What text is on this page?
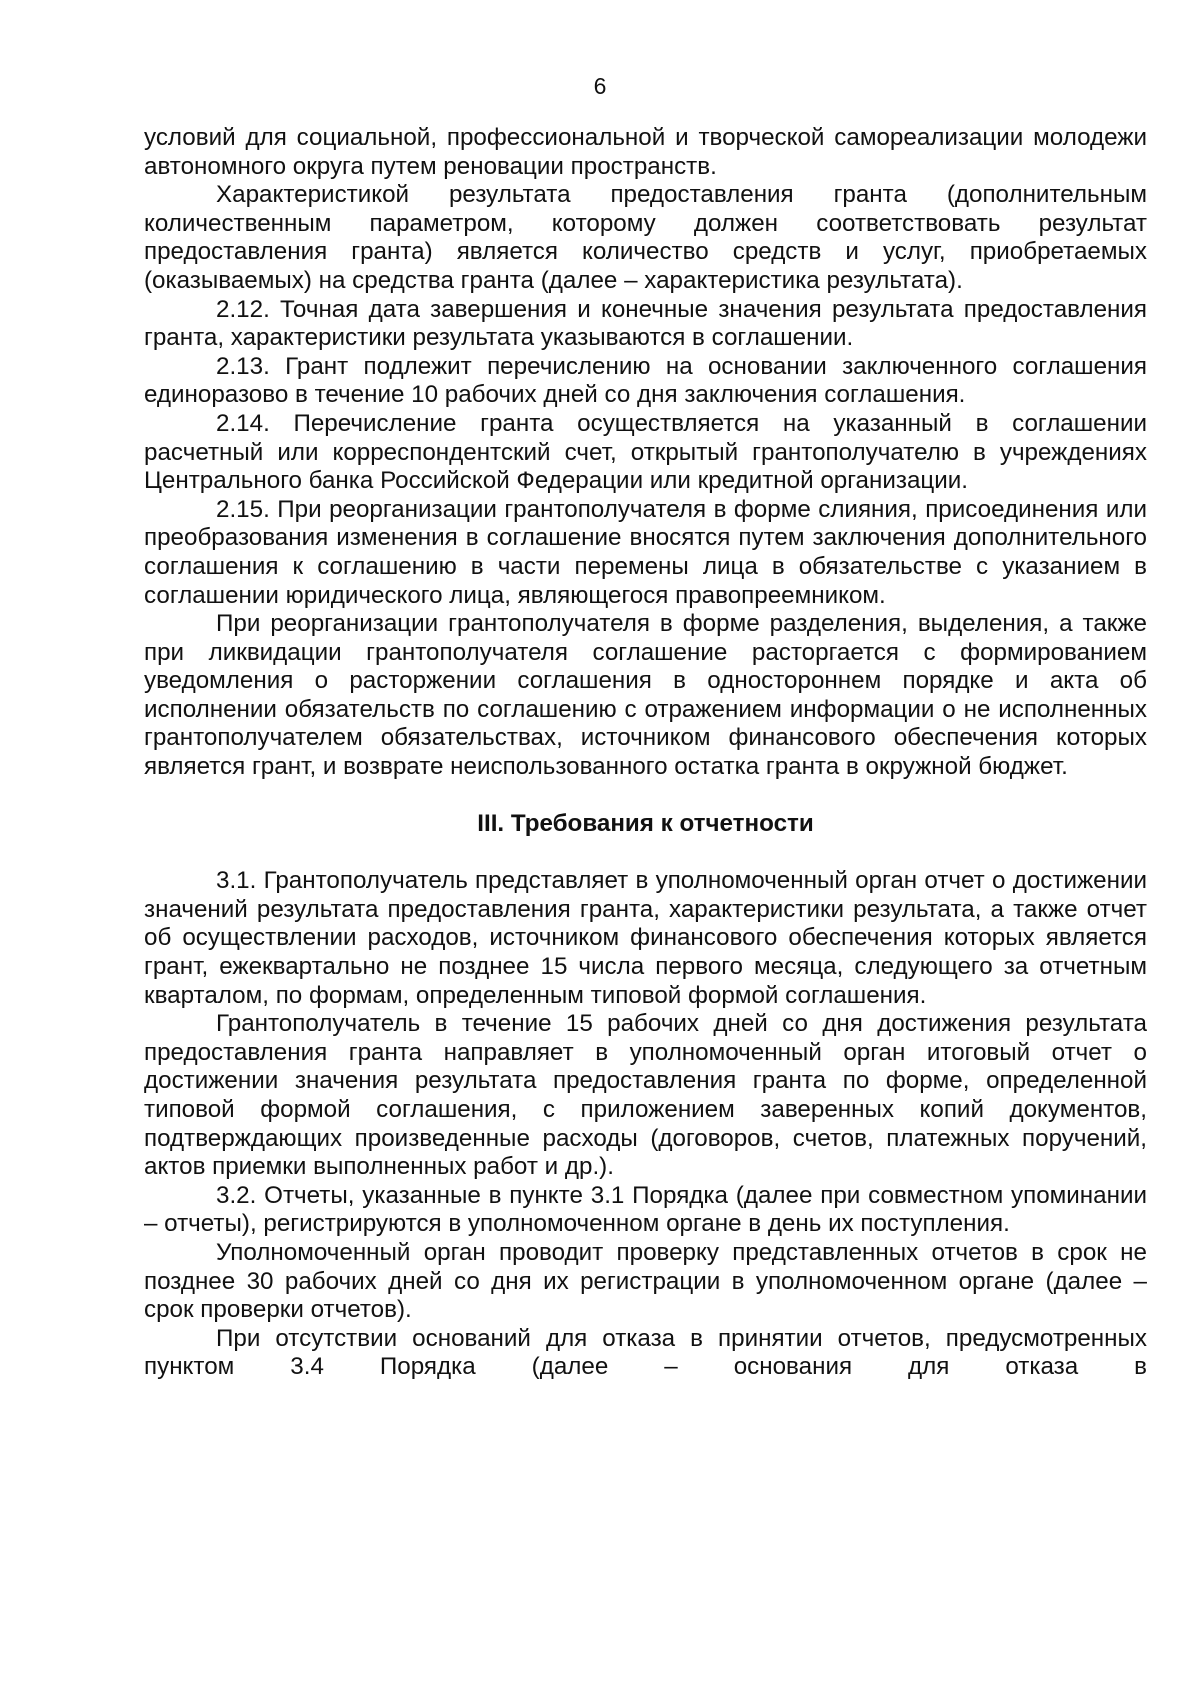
6

условий для социальной, профессиональной и творческой самореализации молодежи автономного округа путем реновации пространств.

Характеристикой результата предоставления гранта (дополнительным количественным параметром, которому должен соответствовать результат предоставления гранта) является количество средств и услуг, приобретаемых (оказываемых) на средства гранта (далее – характеристика результата).

2.12. Точная дата завершения и конечные значения результата предоставления гранта, характеристики результата указываются в соглашении.

2.13. Грант подлежит перечислению на основании заключенного соглашения единоразово в течение 10 рабочих дней со дня заключения соглашения.

2.14. Перечисление гранта осуществляется на указанный в соглашении расчетный или корреспондентский счет, открытый грантополучателю в учреждениях Центрального банка Российской Федерации или кредитной организации.

2.15. При реорганизации грантополучателя в форме слияния, присоединения или преобразования изменения в соглашение вносятся путем заключения дополнительного соглашения к соглашению в части перемены лица в обязательстве с указанием в соглашении юридического лица, являющегося правопреемником.

При реорганизации грантополучателя в форме разделения, выделения, а также при ликвидации грантополучателя соглашение расторгается с формированием уведомления о расторжении соглашения в одностороннем порядке и акта об исполнении обязательств по соглашению с отражением информации о не исполненных грантополучателем обязательствах, источником финансового обеспечения которых является грант, и возврате неиспользованного остатка гранта в окружной бюджет.

III. Требования к отчетности

3.1. Грантополучатель представляет в уполномоченный орган отчет о достижении значений результата предоставления гранта, характеристики результата, а также отчет об осуществлении расходов, источником финансового обеспечения которых является грант, ежеквартально не позднее 15 числа первого месяца, следующего за отчетным кварталом, по формам, определенным типовой формой соглашения.

Грантополучатель в течение 15 рабочих дней со дня достижения результата предоставления гранта направляет в уполномоченный орган итоговый отчет о достижении значения результата предоставления гранта по форме, определенной типовой формой соглашения, с приложением заверенных копий документов, подтверждающих произведенные расходы (договоров, счетов, платежных поручений, актов приемки выполненных работ и др.).

3.2. Отчеты, указанные в пункте 3.1 Порядка (далее при совместном упоминании – отчеты), регистрируются в уполномоченном органе в день их поступления.

Уполномоченный орган проводит проверку представленных отчетов в срок не позднее 30 рабочих дней со дня их регистрации в уполномоченном органе (далее – срок проверки отчетов).

При отсутствии оснований для отказа в принятии отчетов, предусмотренных пунктом 3.4 Порядка (далее – основания для отказа в
